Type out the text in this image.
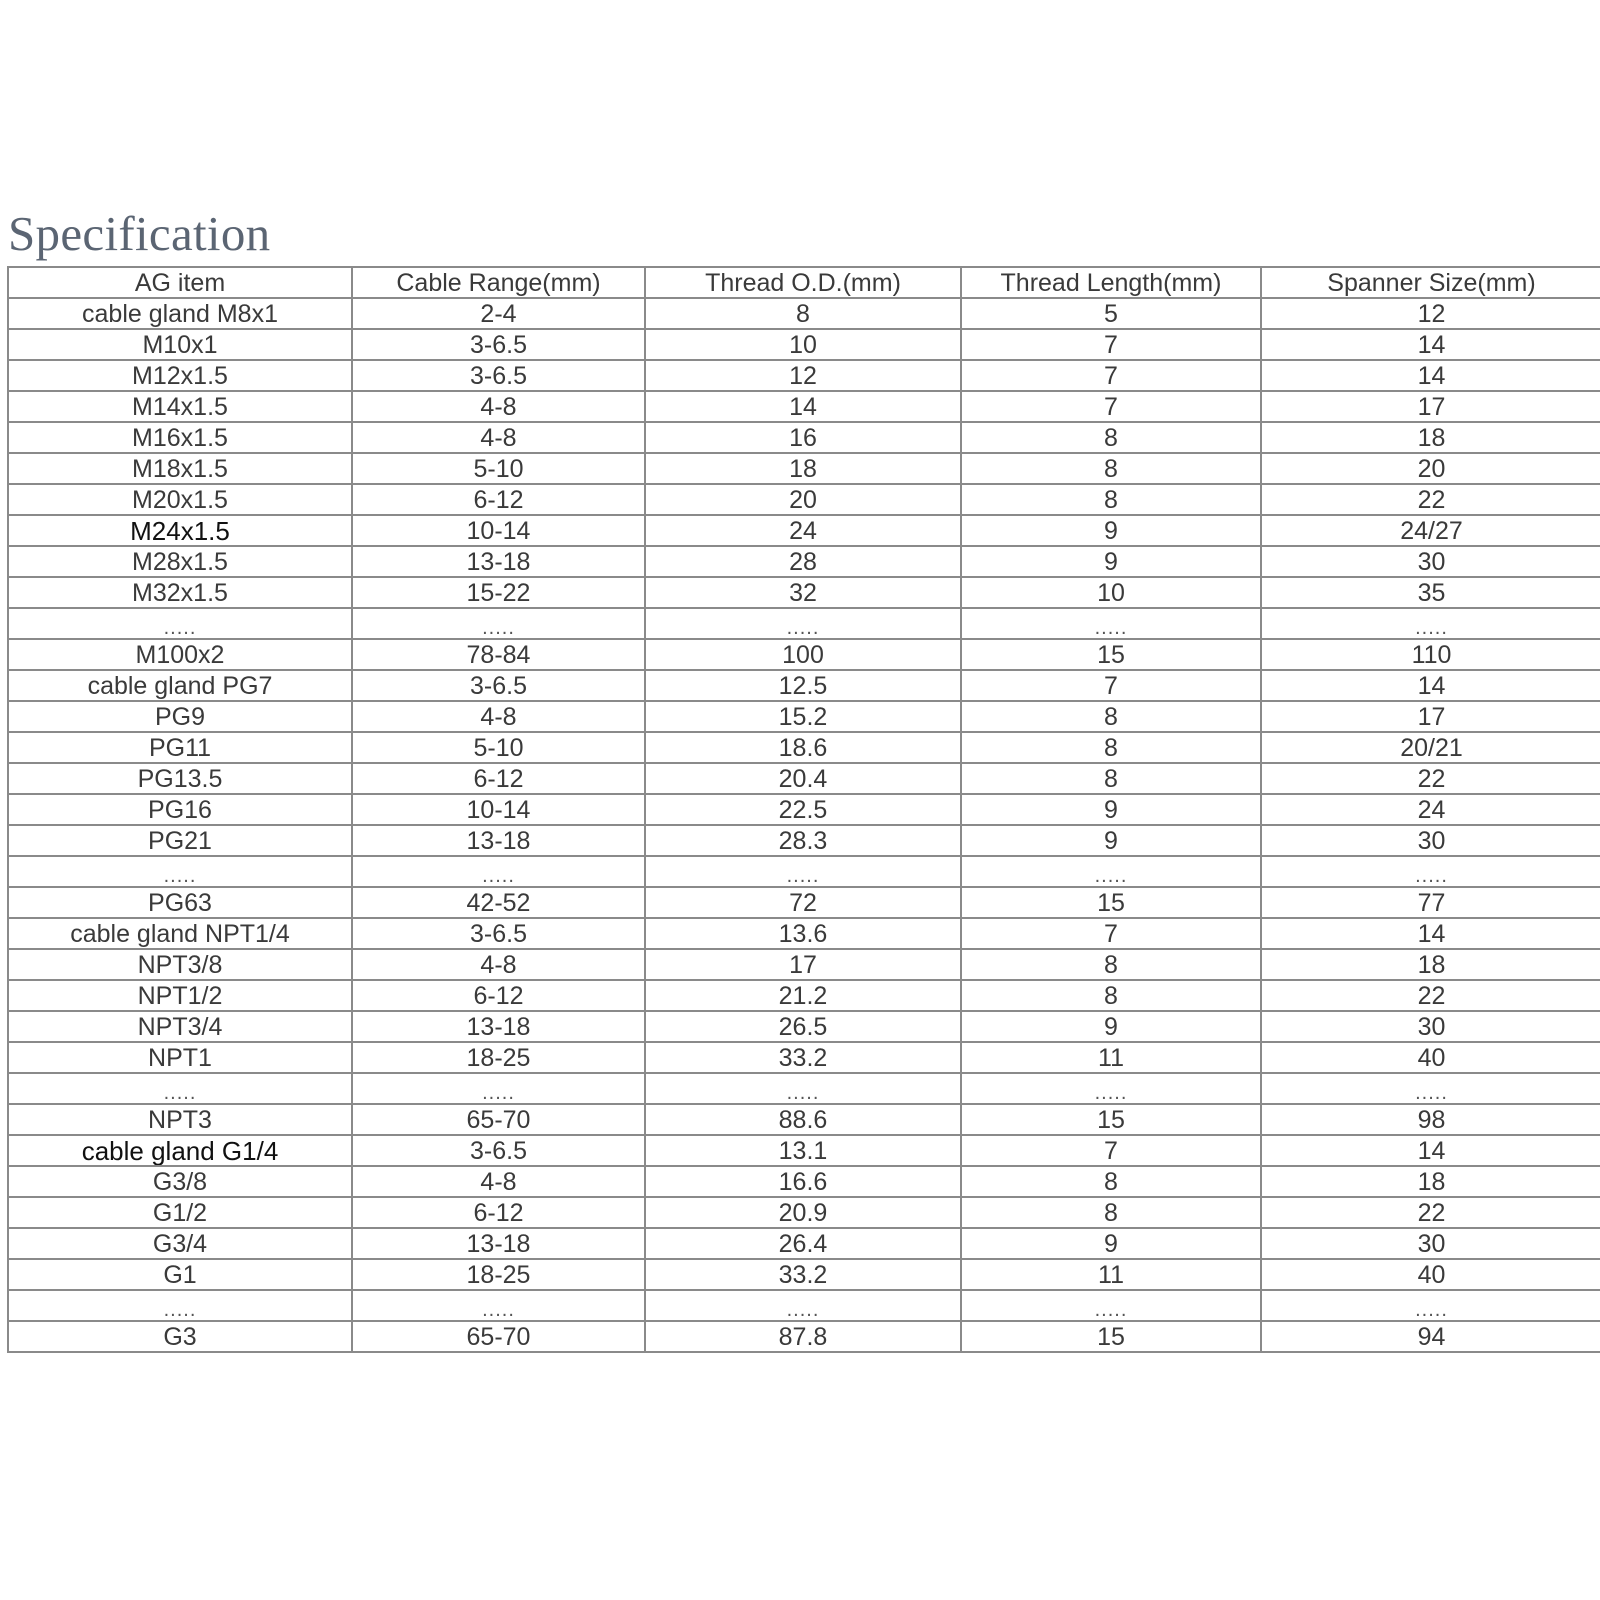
Specification
AG item	Cable Range(mm)	Thread O.D.(mm)	Thread Length(mm)	Spanner Size(mm)
cable gland M8x1	2-4	8	5	12
M10x1	3-6.5	10	7	14
M12x1.5	3-6.5	12	7	14
M14x1.5	4-8	14	7	17
M16x1.5	4-8	16	8	18
M18x1.5	5-10	18	8	20
M20x1.5	6-12	20	8	22
M24x1.5	10-14	24	9	24/27
M28x1.5	13-18	28	9	30
M32x1.5	15-22	32	10	35
.....	.....	.....	.....	.....
M100x2	78-84	100	15	110
cable gland PG7	3-6.5	12.5	7	14
PG9	4-8	15.2	8	17
PG11	5-10	18.6	8	20/21
PG13.5	6-12	20.4	8	22
PG16	10-14	22.5	9	24
PG21	13-18	28.3	9	30
.....	.....	.....	.....	.....
PG63	42-52	72	15	77
cable gland NPT1/4	3-6.5	13.6	7	14
NPT3/8	4-8	17	8	18
NPT1/2	6-12	21.2	8	22
NPT3/4	13-18	26.5	9	30
NPT1	18-25	33.2	11	40
.....	.....	.....	.....	.....
NPT3	65-70	88.6	15	98
cable gland G1/4	3-6.5	13.1	7	14
G3/8	4-8	16.6	8	18
G1/2	6-12	20.9	8	22
G3/4	13-18	26.4	9	30
G1	18-25	33.2	11	40
.....	.....	.....	.....	.....
G3	65-70	87.8	15	94
